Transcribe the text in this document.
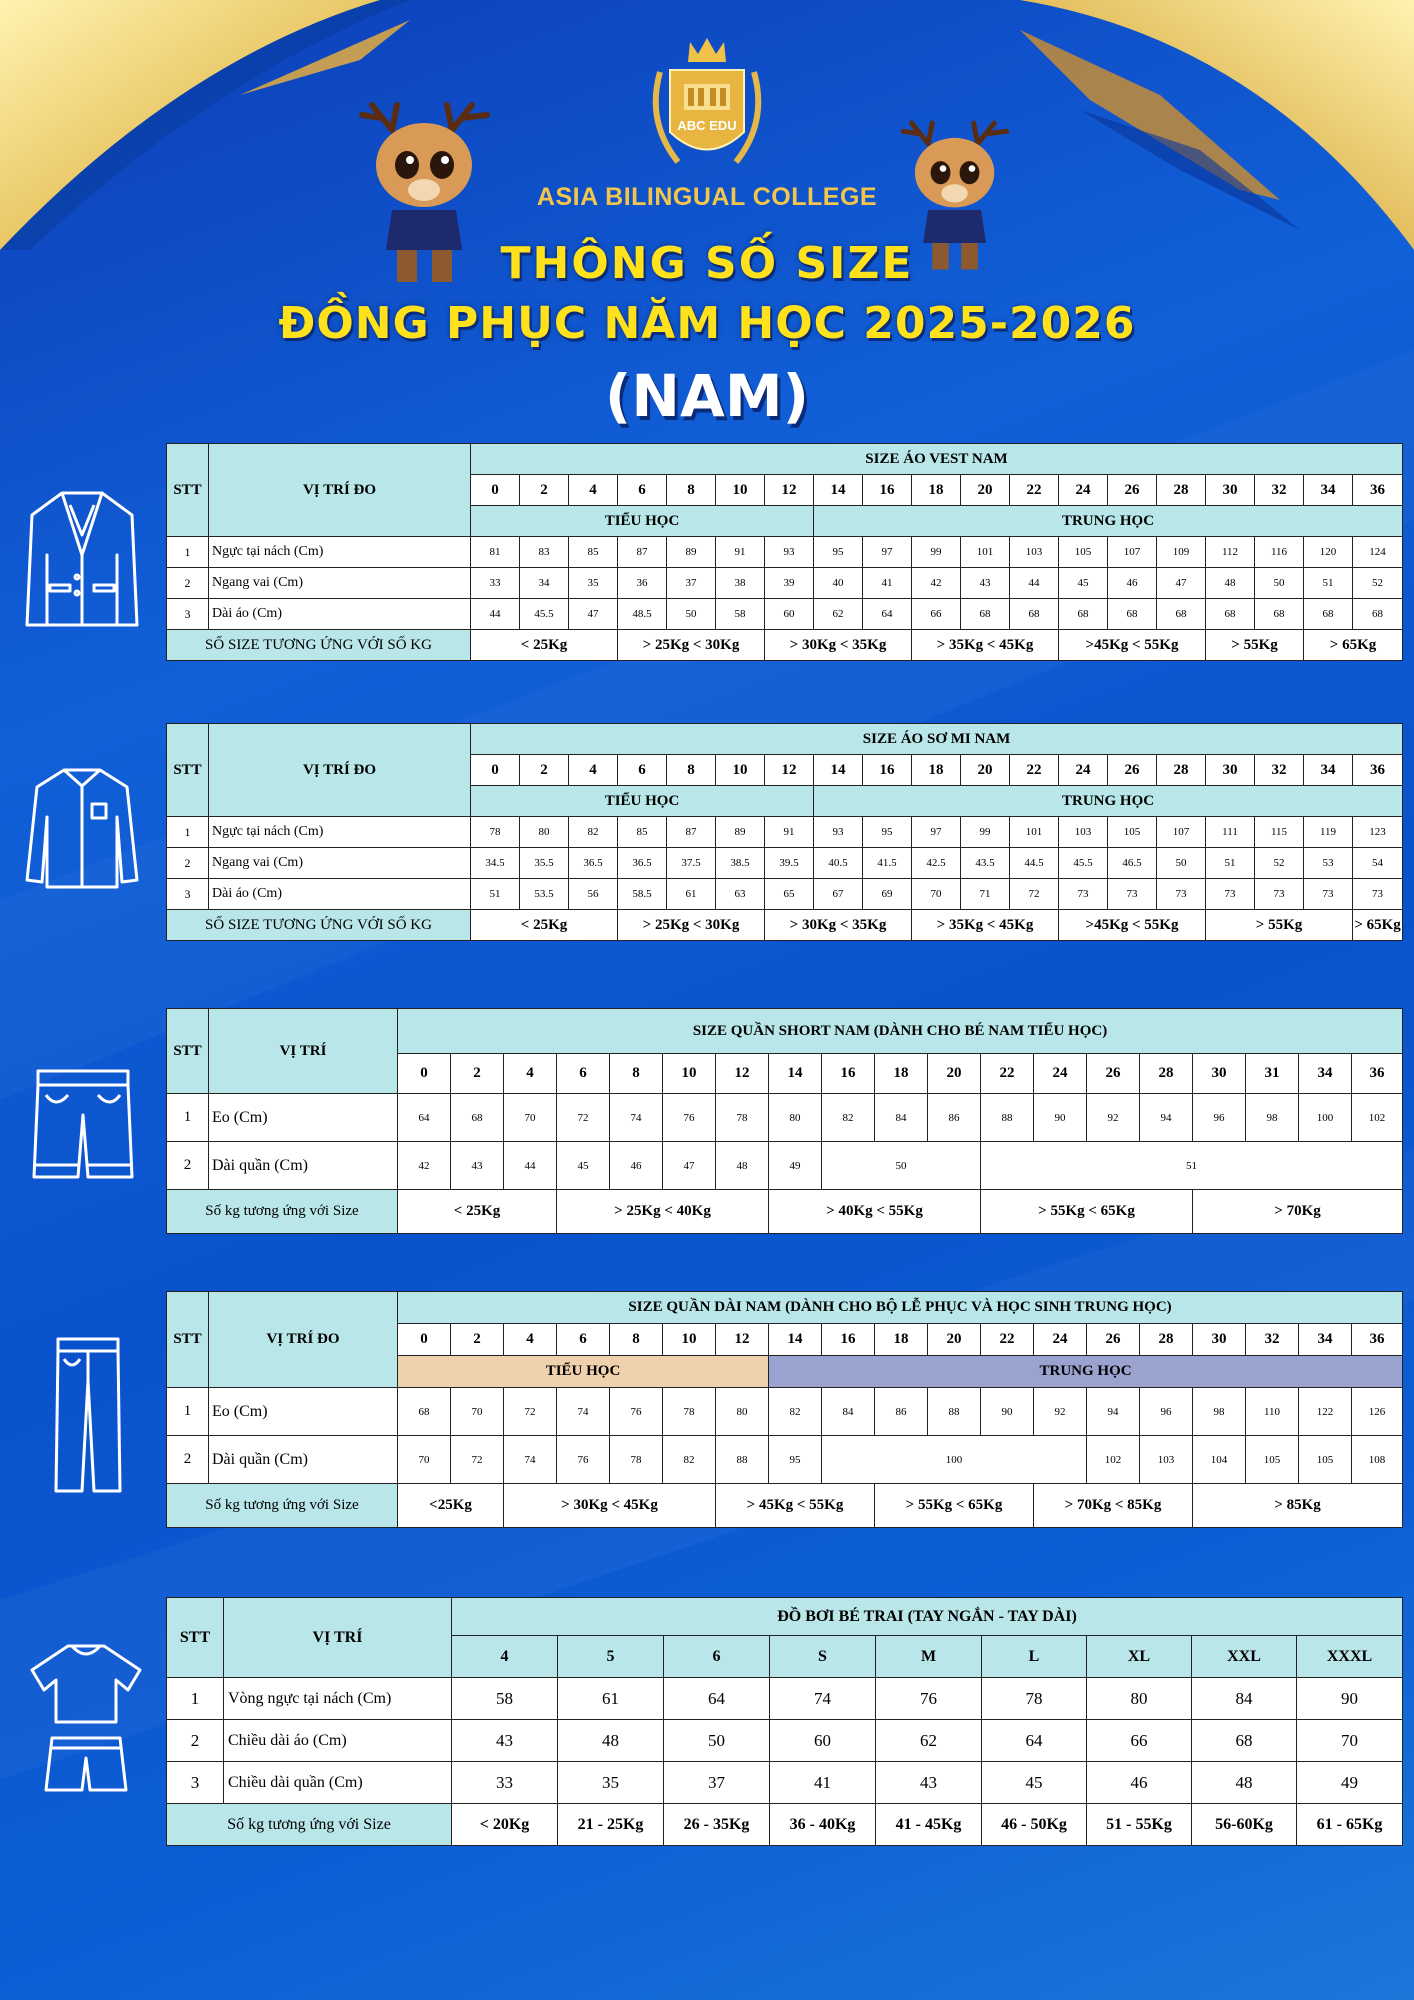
ABC EDU
ASIA BILINGUAL COLLEGE
THÔNG SỐ SIZE
ĐỒNG PHỤC NĂM HỌC 2025-2026
(NAM)
STT	VỊ TRÍ ĐO	SIZE ÁO VEST NAM																		
		0	2	4	6	8	10	12	14	16	18	20	22	24	26	28	30	32	34	36
		TIỂU HỌC							TRUNG HỌC											
1	Ngực tại nách (Cm)	81	83	85	87	89	91	93	95	97	99	101	103	105	107	109	112	116	120	124
2	Ngang vai (Cm)	33	34	35	36	37	38	39	40	41	42	43	44	45	46	47	48	50	51	52
3	Dài áo (Cm)	44	45.5	47	48.5	50	58	60	62	64	66	68	68	68	68	68	68	68	68	68
SỐ SIZE TƯƠNG ỨNG VỚI SỐ KG		< 25Kg			> 25Kg < 30Kg			> 30Kg < 35Kg			> 35Kg < 45Kg			>45Kg < 55Kg			> 55Kg		> 65Kg	
STT	VỊ TRÍ ĐO	SIZE ÁO SƠ MI NAM																		
		0	2	4	6	8	10	12	14	16	18	20	22	24	26	28	30	32	34	36
		TIỂU HỌC							TRUNG HỌC											
1	Ngực tại nách (Cm)	78	80	82	85	87	89	91	93	95	97	99	101	103	105	107	111	115	119	123
2	Ngang vai (Cm)	34.5	35.5	36.5	36.5	37.5	38.5	39.5	40.5	41.5	42.5	43.5	44.5	45.5	46.5	50	51	52	53	54
3	Dài áo (Cm)	51	53.5	56	58.5	61	63	65	67	69	70	71	72	73	73	73	73	73	73	73
SỐ SIZE TƯƠNG ỨNG VỚI SỐ KG		< 25Kg			> 25Kg < 30Kg			> 30Kg < 35Kg			> 35Kg < 45Kg			>45Kg < 55Kg			> 55Kg			> 65Kg
STT	VỊ TRÍ	SIZE QUẦN SHORT NAM (DÀNH CHO BÉ NAM TIỂU HỌC)																		
		0	2	4	6	8	10	12	14	16	18	20	22	24	26	28	30	31	34	36
1	Eo (Cm)	64	68	70	72	74	76	78	80	82	84	86	88	90	92	94	96	98	100	102
2	Dài quần (Cm)	42	43	44	45	46	47	48	49	50			51							
Số kg tương ứng với Size		< 25Kg			> 25Kg < 40Kg				> 40Kg < 55Kg				> 55Kg < 65Kg				> 70Kg			
STT	VỊ TRÍ ĐO	SIZE QUẦN DÀI NAM (DÀNH CHO BỘ LỄ PHỤC VÀ HỌC SINH TRUNG HỌC)																		
		0	2	4	6	8	10	12	14	16	18	20	22	24	26	28	30	32	34	36
		TIỂU HỌC							TRUNG HỌC											
1	Eo (Cm)	68	70	72	74	76	78	80	82	84	86	88	90	92	94	96	98	110	122	126
2	Dài quần (Cm)	70	72	74	76	78	82	88	95	100					102	103	104	105	105	108
Số kg tương ứng với Size		<25Kg		> 30Kg < 45Kg				> 45Kg < 55Kg			> 55Kg < 65Kg			> 70Kg < 85Kg			> 85Kg			
STT	VỊ TRÍ	ĐỒ BƠI BÉ TRAI (TAY NGẮN - TAY DÀI)								
		4	5	6	S	M	L	XL	XXL	XXXL
1	Vòng ngực tại nách (Cm)	58	61	64	74	76	78	80	84	90
2	Chiều dài áo (Cm)	43	48	50	60	62	64	66	68	70
3	Chiều dài quần (Cm)	33	35	37	41	43	45	46	48	49
Số kg tương ứng với Size		< 20Kg	21 - 25Kg	26 - 35Kg	36 - 40Kg	41 - 45Kg	46 - 50Kg	51 - 55Kg	56-60Kg	61 - 65Kg
